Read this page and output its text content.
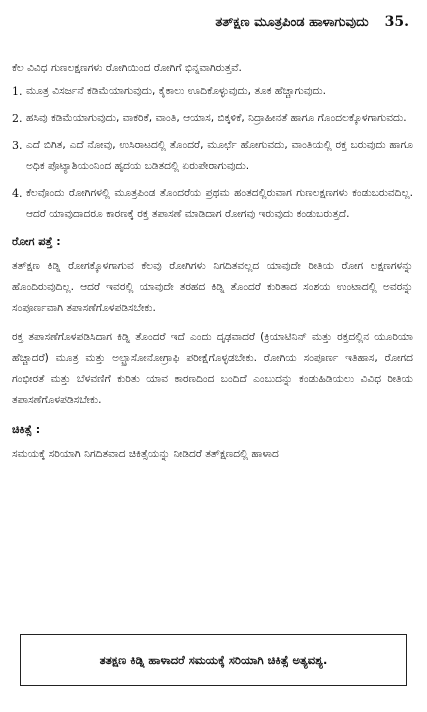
ತತ್ಕ್ಷಣ ಮೂತ್ರಪಿಂಡ ಹಾಳಾಗುವುದು 35.

ಕೆಲ ವಿವಿಧ ಗುಣಲಕ್ಷಣಗಳು ರೋಗಿಯಿಂದ ರೋಗಿಗೆ ಭಿನ್ನವಾಗಿರುತ್ತವೆ.

1. ಮೂತ್ರ ವಿಸರ್ಜನೆ ಕಡಿಮೆಯಾಗುವುದು, ಕೈಕಾಲು ಊದಿಕೊಳ್ಳುವುದು, ತೂಕ ಹೆಚ್ಚಾಗುವುದು.
2. ಹಸಿವು ಕಡಿಮೆಯಾಗುವುದು, ವಾಕರಿಕೆ, ವಾಂತಿ, ಆಯಾಸ, ಬಿಕ್ಕಳಿಕೆ, ನಿದ್ರಾಹೀನತೆ ಹಾಗೂ ಗೊಂದಲಕ್ಕೊಳಗಾಗುವದು.
3. ಎದೆ ಬಿಗಿತ, ಎದೆ ನೋವು, ಉಸಿರಾಟದಲ್ಲಿ ತೊಂದರೆ, ಮೂರ್ಛೆ ಹೋಗುವದು, ವಾಂತಿಯಲ್ಲಿ ರಕ್ತ ಬರುವುದು ಹಾಗೂ ಅಧಿಕ ಪೊಟ್ಯಾಶಿಯಂನಿಂದ ಹೃದಯ ಬಡಿತದಲ್ಲಿ ಏರುಪೇರಾಗುವುದು.
4. ಕೆಲವೊಂದು ರೋಗಿಗಳಲ್ಲಿ ಮೂತ್ರಪಿಂಡ ತೊಂದರೆಯ ಪ್ರಥಮ ಹಂತದಲ್ಲಿರುವಾಗ ಗುಣಲಕ್ಷಣಗಳು ಕಂಡುಬರುವದಿಲ್ಲ. ಆದರೆ ಯಾವುದಾದರೂ ಕಾರಣಕ್ಕೆ ರಕ್ತ ತಪಾಸಣೆ ಮಾಡಿದಾಗ ರೋಗವು ಇರುವುದು ಕಂಡುಬರುತ್ತದೆ.
ರೋಗ ಪತ್ತೆ :

ತತ್ಕ್ಷಣ ಕಿಡ್ನಿ ರೋಗಕ್ಕೊಳಗಾಗುವ ಕೆಲವು ರೋಗಿಗಳು ನಿಗದಿತವಲ್ಲದ ಯಾವುದೇ ರೀತಿಯ ರೋಗ ಲಕ್ಷಣಗಳನ್ನು ಹೊಂದಿರುವುದಿಲ್ಲ. ಆದರೆ ಇವರಲ್ಲಿ ಯಾವುದೇ ತರಹದ ಕಿಡ್ನಿ ತೊಂದರೆ ಕುರಿತಾದ ಸಂಶಯ ಉಂಟಾದಲ್ಲಿ ಅವರನ್ನು ಸಂಪೂರ್ಣವಾಗಿ ತಪಾಸಣೆಗೊಳಪಡಿಸಬೇಕು.

ರಕ್ತ ತಪಾಸಣೆಗೊಳಪಡಿಸಿದಾಗ ಕಿಡ್ನಿ ತೊಂದರೆ ಇದೆ ಎಂದು ದೃಢವಾದರೆ (ಕ್ರಿಯಾಟಿನಿನ್ ಮತ್ತು ರಕ್ತದಲ್ಲಿನ ಯೂರಿಯಾ ಹೆಚ್ಚಾದರೆ) ಮೂತ್ರ ಮತ್ತು ಅಲ್ಟ್ರಾಸೋನೋಗ್ರಾಫಿ ಪರೀಕ್ಷೆಗೊಳ್ಳಡಬೇಕು. ರೋಗಿಯ ಸಂಪೂರ್ಣ ಇತಿಹಾಸ, ರೋಗದ ಗಂಭೀರತೆ ಮತ್ತು ಬೆಳವಣಿಗೆ ಕುರಿತು ಯಾವ ಕಾರಣದಿಂದ ಬಂದಿದೆ ಎಂಬುದನ್ನು ಕಂಡುಹಿಡಿಯಲು ವಿವಿಧ ರೀತಿಯ ತಪಾಸಣೆಗೊಳಪಡಿಸಬೇಕು.

ಚಿಕಿತ್ಸೆ :

ಸಮಯಕ್ಕೆ ಸರಿಯಾಗಿ ನಿಗದಿತವಾದ ಚಿಕಿತ್ಸೆಯನ್ನು ನೀಡಿದರೆ ತತ್ಕ್ಷಣದಲ್ಲಿ ಹಾಳಾದ

ತತಕ್ಷಣ ಕಿಡ್ನಿ ಹಾಳಾದರೆ ಸಮಯಕ್ಕೆ ಸರಿಯಾಗಿ ಚಿಕಿತ್ಸೆ ಅತ್ಯವಶ್ಯ.
